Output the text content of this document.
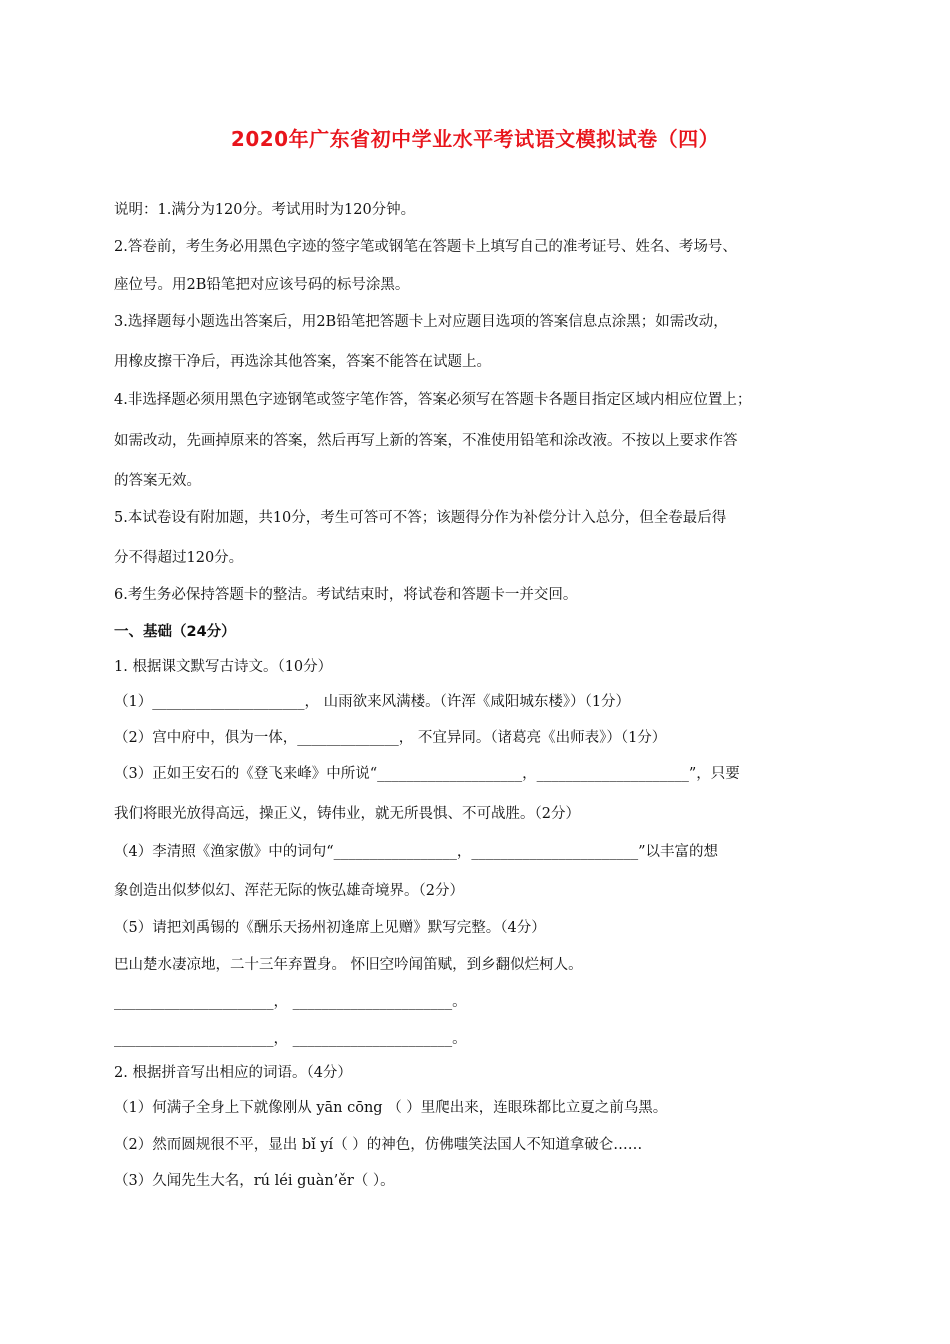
2020年广东省初中学业水平考试语文模拟试卷（四）
说明：1.满分为120分。考试用时为120分钟。
2.答卷前，考生务必用黑色字迹的签字笔或钢笔在答题卡上填写自己的准考证号、姓名、考场号、
座位号。用2B铅笔把对应该号码的标号涂黑。
3.选择题每小题选出答案后，用2B铅笔把答题卡上对应题目选项的答案信息点涂黑；如需改动，
用橡皮擦干净后，再选涂其他答案，答案不能答在试题上。
4.非选择题必须用黑色字迹钢笔或签字笔作答，答案必须写在答题卡各题目指定区域内相应位置上；
如需改动，先画掉原来的答案，然后再写上新的答案，不准使用铅笔和涂改液。不按以上要求作答
的答案无效。
5.本试卷设有附加题，共10分，考生可答可不答；该题得分作为补偿分计入总分，但全卷最后得
分不得超过120分。
6.考生务必保持答题卡的整洁。考试结束时，将试卷和答题卡一并交回。
一、基础（24分）
1. 根据课文默写古诗文。（10分）
（1）_____________________， 山雨欲来风满楼。（许浑《咸阳城东楼》）（1分）
（2）宫中府中，俱为一体，______________， 不宜异同。（诸葛亮《出师表》）（1分）
（3）正如王安石的《登飞来峰》中所说“____________________，_____________________”，只要
我们将眼光放得高远，操正义，铸伟业，就无所畏惧、不可战胜。（2分）
（4）李清照《渔家傲》中的词句“_________________，_______________________”以丰富的想
象创造出似梦似幻、浑茫无际的恢弘雄奇境界。（2分）
（5）请把刘禹锡的《酬乐天扬州初逢席上见赠》默写完整。（4分）
巴山楚水凄凉地，二十三年弃置身。 怀旧空吟闻笛赋，到乡翻似烂柯人。
______________________， ______________________。
______________________， ______________________。
2. 根据拼音写出相应的词语。（4分）
（1）何满子全身上下就像刚从 yān cōng （ ）里爬出来，连眼珠都比立夏之前乌黑。
（2）然而圆规很不平，显出 bǐ yí（ ）的神色，仿佛嗤笑法国人不知道拿破仑……
（3）久闻先生大名，rú léi guàn’ěr（ ）。
